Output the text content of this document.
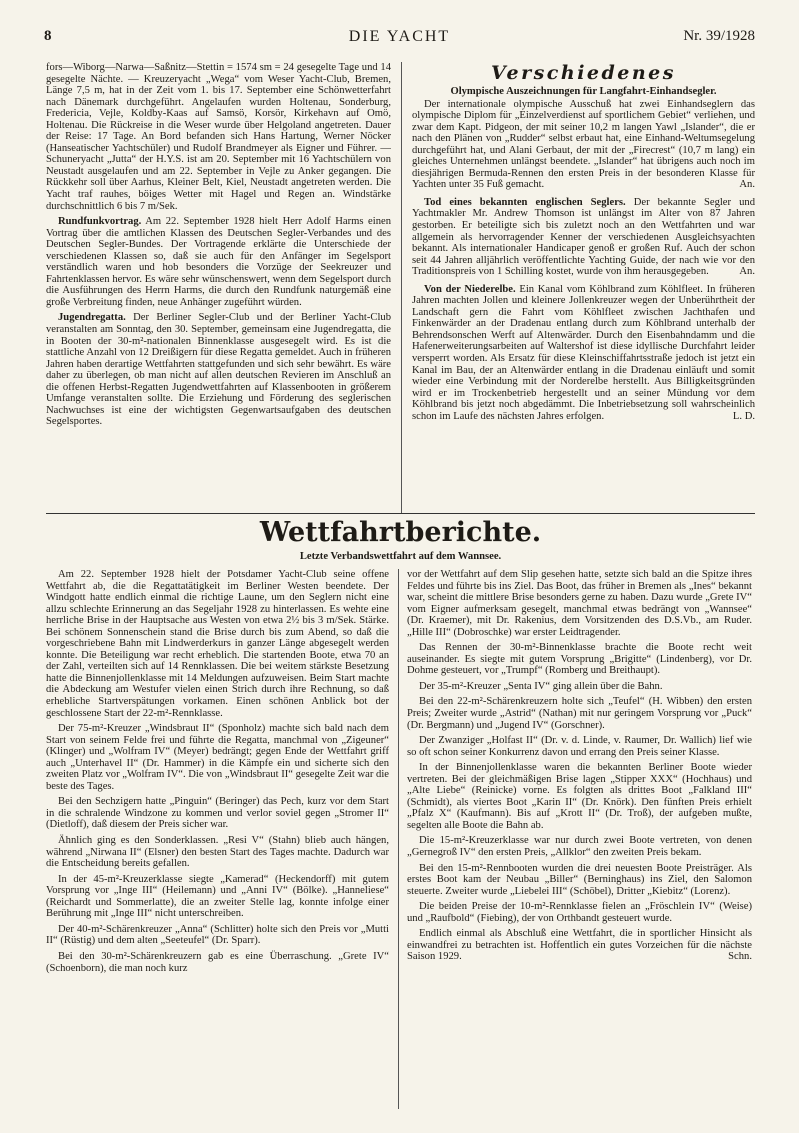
8	DIE YACHT	Nr. 39/1928

fors—Wiborg—Narwa—Saßnitz—Stettin = 1574 sm = 24 gesegelte Tage und 14 gesegelte Nächte. — Kreuzeryacht „Wega“ vom Weser Yacht-Club, Bremen, Länge 7,5 m, hat in der Zeit vom 1. bis 17. September eine Schönwetterfahrt nach Dänemark durchgeführt. Angelaufen wurden Holtenau, Sonderburg, Fredericia, Vejle, Koldby-Kaas auf Samsö, Korsör, Kirkehavn auf Omö, Holtenau. Die Rückreise in die Weser wurde über Helgoland angetreten. Dauer der Reise: 17 Tage. An Bord befanden sich Hans Hartung, Werner Nöcker (Hanseatischer Yachtschüler) und Rudolf Brandmeyer als Eigner und Führer. — Schuneryacht „Jutta“ der H.Y.S. ist am 20. September mit 16 Yachtschülern von Neustadt ausgelaufen und am 22. September in Vejle zu Anker gegangen. Die Rückkehr soll über Aarhus, Kleiner Belt, Kiel, Neustadt angetreten werden. Die Yacht traf rauhes, böiges Wetter mit Hagel und Regen an. Windstärke durchschnittlich 6 bis 7 m/Sek.

Rundfunkvortrag. Am 22. September 1928 hielt Herr Adolf Harms einen Vortrag über die amtlichen Klassen des Deutschen Segler-Verbandes und des Deutschen Segler-Bundes. Der Vortragende erklärte die Unterschiede der verschiedenen Klassen so, daß sie auch für den Anfänger im Segelsport verständlich waren und hob besonders die Vorzüge der Seekreuzer und Fahrtenklassen hervor. Es wäre sehr wünschenswert, wenn dem Segelsport durch die Ausführungen des Herrn Harms, die durch den Rundfunk naturgemäß eine große Verbreitung finden, neue Anhänger zugeführt würden.

Jugendregatta. Der Berliner Segler-Club und der Berliner Yacht-Club veranstalten am Sonntag, den 30. September, gemeinsam eine Jugendregatta, die in Booten der 30-m²-nationalen Binnenklasse ausgesegelt wird. Es ist die stattliche Anzahl von 12 Dreißigern für diese Regatta gemeldet. Auch in früheren Jahren haben derartige Wettfahrten stattgefunden und sich sehr bewährt. Es wäre daher zu überlegen, ob man nicht auf allen deutschen Revieren im Anschluß an die offenen Herbst-Regatten Jugendwettfahrten auf Klassenbooten in größerem Umfange veranstalten sollte. Die Erziehung und Förderung des seglerischen Nachwuchses ist eine der wichtigsten Gegenwartsaufgaben des deutschen Segelsportes.

Verschiedenes
Olympische Auszeichnungen für Langfahrt-Einhandsegler.

Der internationale olympische Ausschuß hat zwei Einhandseglern das olympische Diplom für „Einzelverdienst auf sportlichem Gebiet“ verliehen, und zwar dem Kapt. Pidgeon, der mit seiner 10,2 m langen Yawl „Islander“, die er nach den Plänen von „Rudder“ selbst erbaut hat, eine Einhand-Weltumsegelung durchgeführt hat, und Alani Gerbaut, der mit der „Firecrest“ (10,7 m lang) ein gleiches Unternehmen unlängst beendete. „Islander“ hat übrigens auch noch im diesjährigen Bermuda-Rennen den ersten Preis in der besonderen Klasse für Yachten unter 35 Fuß gemacht.	An.

Tod eines bekannten englischen Seglers. Der bekannte Segler und Yachtmakler Mr. Andrew Thomson ist unlängst im Alter von 87 Jahren gestorben. Er beteiligte sich bis zuletzt noch an den Wettfahrten und war allgemein als hervorragender Kenner der verschiedenen Ausgleichsyachten bekannt. Als internationaler Handicaper genoß er großen Ruf. Auch der schon seit 44 Jahren alljährlich veröffentlichte Yachting Guide, der nach wie vor den Traditionspreis von 1 Schilling kostet, wurde von ihm herausgegeben.	An.

Von der Niederelbe. Ein Kanal vom Köhlbrand zum Köhlfleet. In früheren Jahren machten Jollen und kleinere Jollenkreuzer wegen der Unberührtheit der Landschaft gern die Fahrt vom Köhlfleet zwischen Jachthafen und Finkenwärder an der Dradenau entlang durch zum Köhlbrand unterhalb der Behrendsonschen Werft auf Altenwärder. Durch den Eisenbahndamm und die Hafenerweiterungsarbeiten auf Waltershof ist diese idyllische Durchfahrt leider versperrt worden. Als Ersatz für diese Kleinschiffahrtsstraße jedoch ist jetzt ein Kanal im Bau, der an Altenwärder entlang in die Dradenau einläuft und somit wieder eine Verbindung mit der Norderelbe herstellt. Aus Billigkeitsgründen wird er im Trockenbetrieb hergestellt und an seiner Mündung vor dem Köhlbrand bis jetzt noch abgedämmt. Die Inbetriebsetzung soll wahrscheinlich schon im Laufe des nächsten Jahres erfolgen.	L. D.

Wettfahrtberichte.
Letzte Verbandswettfahrt auf dem Wannsee.

Am 22. September 1928 hielt der Potsdamer Yacht-Club seine offene Wettfahrt ab, die die Regattatätigkeit im Berliner Westen beendete. Der Windgott hatte endlich einmal die richtige Laune, um den Seglern nicht eine allzu schlechte Erinnerung an das Segeljahr 1928 zu hinterlassen. Es wehte eine herrliche Brise in der Hauptsache aus Westen von etwa 2½ bis 3 m/Sek. Stärke. Bei schönem Sonnenschein stand die Brise durch bis zum Abend, so daß die vorgeschriebene Bahn mit Lindwerderkurs in ganzer Länge abgesegelt werden konnte. Die Beteiligung war recht erheblich. Die startenden Boote, etwa 70 an der Zahl, verteilten sich auf 14 Rennklassen. Die bei weitem stärkste Besetzung hatte die Binnenjollenklasse mit 14 Meldungen aufzuweisen. Beim Start machte die Abdeckung am Westufer vielen einen Strich durch ihre Rechnung, so daß erhebliche Startverspätungen vorkamen. Einen schönen Anblick bot der geschlossene Start der 22-m²-Rennklasse.

Der 75-m²-Kreuzer „Windsbraut II“ (Sponholz) machte sich bald nach dem Start von seinem Felde frei und führte die Regatta, manchmal von „Zigeuner“ (Klinger) und „Wolfram IV“ (Meyer) bedrängt; gegen Ende der Wettfahrt griff auch „Unterhavel II“ (Dr. Hammer) in die Kämpfe ein und sicherte sich den zweiten Platz vor „Wolfram IV“. Die von „Windsbraut II“ gesegelte Zeit war die beste des Tages.

Bei den Sechzigern hatte „Pinguin“ (Beringer) das Pech, kurz vor dem Start in die schralende Windzone zu kommen und verlor soviel gegen „Stromer II“ (Dietloff), daß diesem der Preis sicher war.

Ähnlich ging es den Sonderklassen. „Resi V“ (Stahn) blieb auch hängen, während „Nirwana II“ (Elsner) den besten Start des Tages machte. Dadurch war die Entscheidung bereits gefallen.

In der 45-m²-Kreuzerklasse siegte „Kamerad“ (Heckendorff) mit gutem Vorsprung vor „Inge III“ (Heilemann) und „Anni IV“ (Bölke). „Hanneliese“ (Reichardt und Sommerlatte), die an zweiter Stelle lag, konnte infolge einer Berührung mit „Inge III“ nicht unterschreiben.

Der 40-m²-Schärenkreuzer „Anna“ (Schlitter) holte sich den Preis vor „Mutti II“ (Rüstig) und dem alten „Seeteufel“ (Dr. Sparr).

Bei den 30-m²-Schärenkreuzern gab es eine Überraschung. „Grete IV“ (Schoenborn), die man noch kurz

vor der Wettfahrt auf dem Slip gesehen hatte, setzte sich bald an die Spitze ihres Feldes und führte bis ins Ziel. Das Boot, das früher in Bremen als „Ines“ bekannt war, scheint die mittlere Brise besonders gerne zu haben. Dazu wurde „Grete IV“ vom Eigner aufmerksam gesegelt, manchmal etwas bedrängt von „Wannsee“ (Dr. Kraemer), mit Dr. Rakenius, dem Vorsitzenden des D.S.Vb., am Ruder. „Hille III“ (Dobroschke) war erster Leidtragender.

Das Rennen der 30-m²-Binnenklasse brachte die Boote recht weit auseinander. Es siegte mit gutem Vorsprung „Brigitte“ (Lindenberg), vor Dr. Dohme gesteuert, vor „Trumpf“ (Romberg und Breithaupt).

Der 35-m²-Kreuzer „Senta IV“ ging allein über die Bahn.

Bei den 22-m²-Schärenkreuzern holte sich „Teufel“ (H. Wibben) den ersten Preis; Zweiter wurde „Astrid“ (Nathan) mit nur geringem Vorsprung vor „Puck“ (Dr. Bergmann) und „Jugend IV“ (Gorschner).

Der Zwanziger „Holfast II“ (Dr. v. d. Linde, v. Raumer, Dr. Wallich) lief wie so oft schon seiner Konkurrenz davon und errang den Preis seiner Klasse.

In der Binnenjollenklasse waren die bekannten Berliner Boote wieder vertreten. Bei der gleichmäßigen Brise lagen „Stipper XXX“ (Hochhaus) und „Alte Liebe“ (Reinicke) vorne. Es folgten als drittes Boot „Falkland III“ (Schmidt), als viertes Boot „Karin II“ (Dr. Knörk). Den fünften Preis erhielt „Pfalz X“ (Kaufmann). Bis auf „Krott II“ (Dr. Troß), der aufgeben mußte, segelten alle Boote die Bahn ab.

Die 15-m²-Kreuzerklasse war nur durch zwei Boote vertreten, von denen „Gernegroß IV“ den ersten Preis, „Allklor“ den zweiten Preis bekam.

Bei den 15-m²-Rennbooten wurden die drei neuesten Boote Preisträger. Als erstes Boot kam der Neubau „Biller“ (Berninghaus) ins Ziel, den Salomon steuerte. Zweiter wurde „Liebelei III“ (Schöbel), Dritter „Kiebitz“ (Lorenz).

Die beiden Preise der 10-m²-Rennklasse fielen an „Fröschlein IV“ (Weise) und „Raufbold“ (Fiebing), der von Orthbandt gesteuert wurde.

Endlich einmal als Abschluß eine Wettfahrt, die in sportlicher Hinsicht als einwandfrei zu betrachten ist. Hoffentlich ein gutes Vorzeichen für die nächste Saison 1929.	Schn.
